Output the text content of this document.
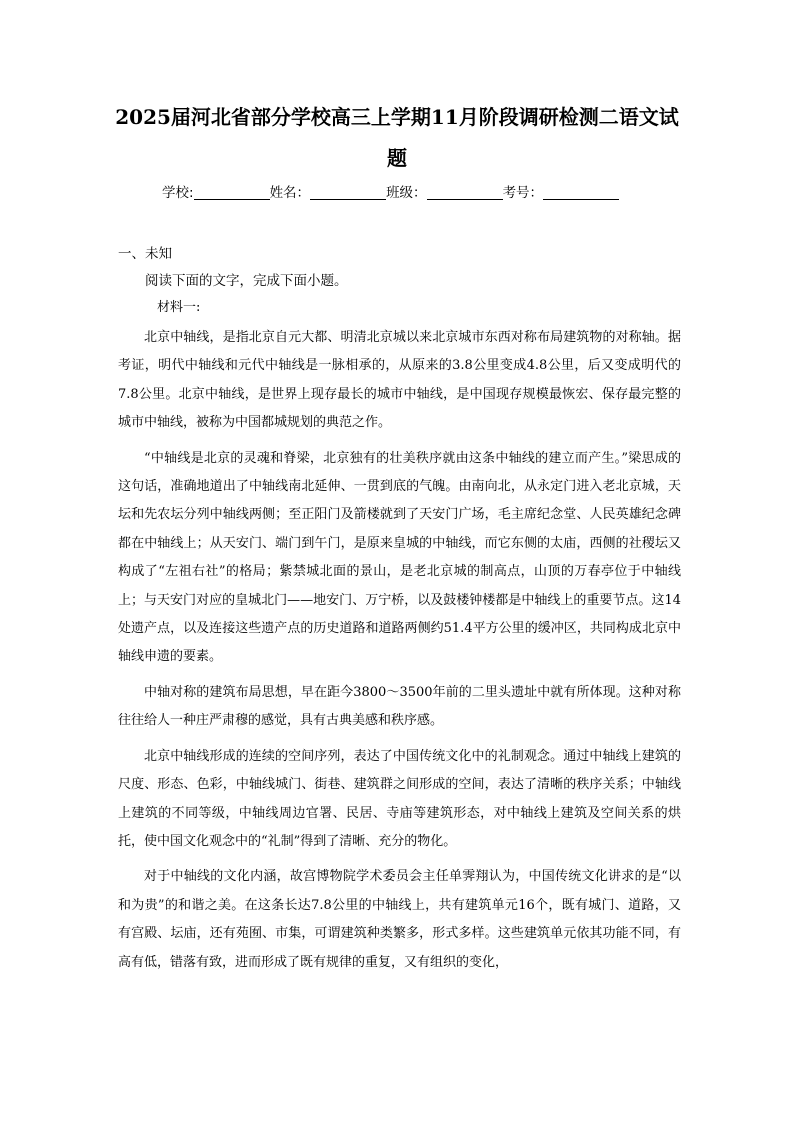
2025届河北省部分学校高三上学期11月阶段调研检测二语文试
题
学校:	姓名：	班级：	考号：
一、未知

阅读下面的文字，完成下面小题。

材料一:

北京中轴线，是指北京自元大都、明清北京城以来北京城市东西对称布局建筑物的对称轴。据考证，明代中轴线和元代中轴线是一脉相承的，从原来的3.8公里变成4.8公里，后又变成明代的7.8公里。北京中轴线，是世界上现存最长的城市中轴线，是中国现存规模最恢宏、保存最完整的城市中轴线，被称为中国都城规划的典范之作。

“中轴线是北京的灵魂和脊梁，北京独有的壮美秩序就由这条中轴线的建立而产生。”梁思成的这句话，准确地道出了中轴线南北延伸、一贯到底的气魄。由南向北，从永定门进入老北京城，天坛和先农坛分列中轴线两侧；至正阳门及箭楼就到了天安门广场，毛主席纪念堂、人民英雄纪念碑都在中轴线上；从天安门、端门到午门，是原来皇城的中轴线，而它东侧的太庙，西侧的社稷坛又构成了“左祖右社”的格局；紫禁城北面的景山，是老北京城的制高点，山顶的万春亭位于中轴线上；与天安门对应的皇城北门——地安门、万宁桥，以及鼓楼钟楼都是中轴线上的重要节点。这14处遗产点，以及连接这些遗产点的历史道路和道路两侧约51.4平方公里的缓冲区，共同构成北京中轴线申遗的要素。

中轴对称的建筑布局思想，早在距今3800～3500年前的二里头遗址中就有所体现。这种对称往往给人一种庄严肃穆的感觉，具有古典美感和秩序感。

北京中轴线形成的连续的空间序列，表达了中国传统文化中的礼制观念。通过中轴线上建筑的尺度、形态、色彩，中轴线城门、街巷、建筑群之间形成的空间，表达了清晰的秩序关系；中轴线上建筑的不同等级，中轴线周边官署、民居、寺庙等建筑形态，对中轴线上建筑及空间关系的烘托，使中国文化观念中的“礼制”得到了清晰、充分的物化。

对于中轴线的文化内涵，故宫博物院学术委员会主任单霁翔认为，中国传统文化讲求的是“以和为贵”的和谐之美。在这条长达7.8公里的中轴线上，共有建筑单元16个，既有城门、道路，又有宫殿、坛庙，还有苑囿、市集，可谓建筑种类繁多，形式多样。这些建筑单元依其功能不同，有高有低，错落有致，进而形成了既有规律的重复，又有组织的变化，
